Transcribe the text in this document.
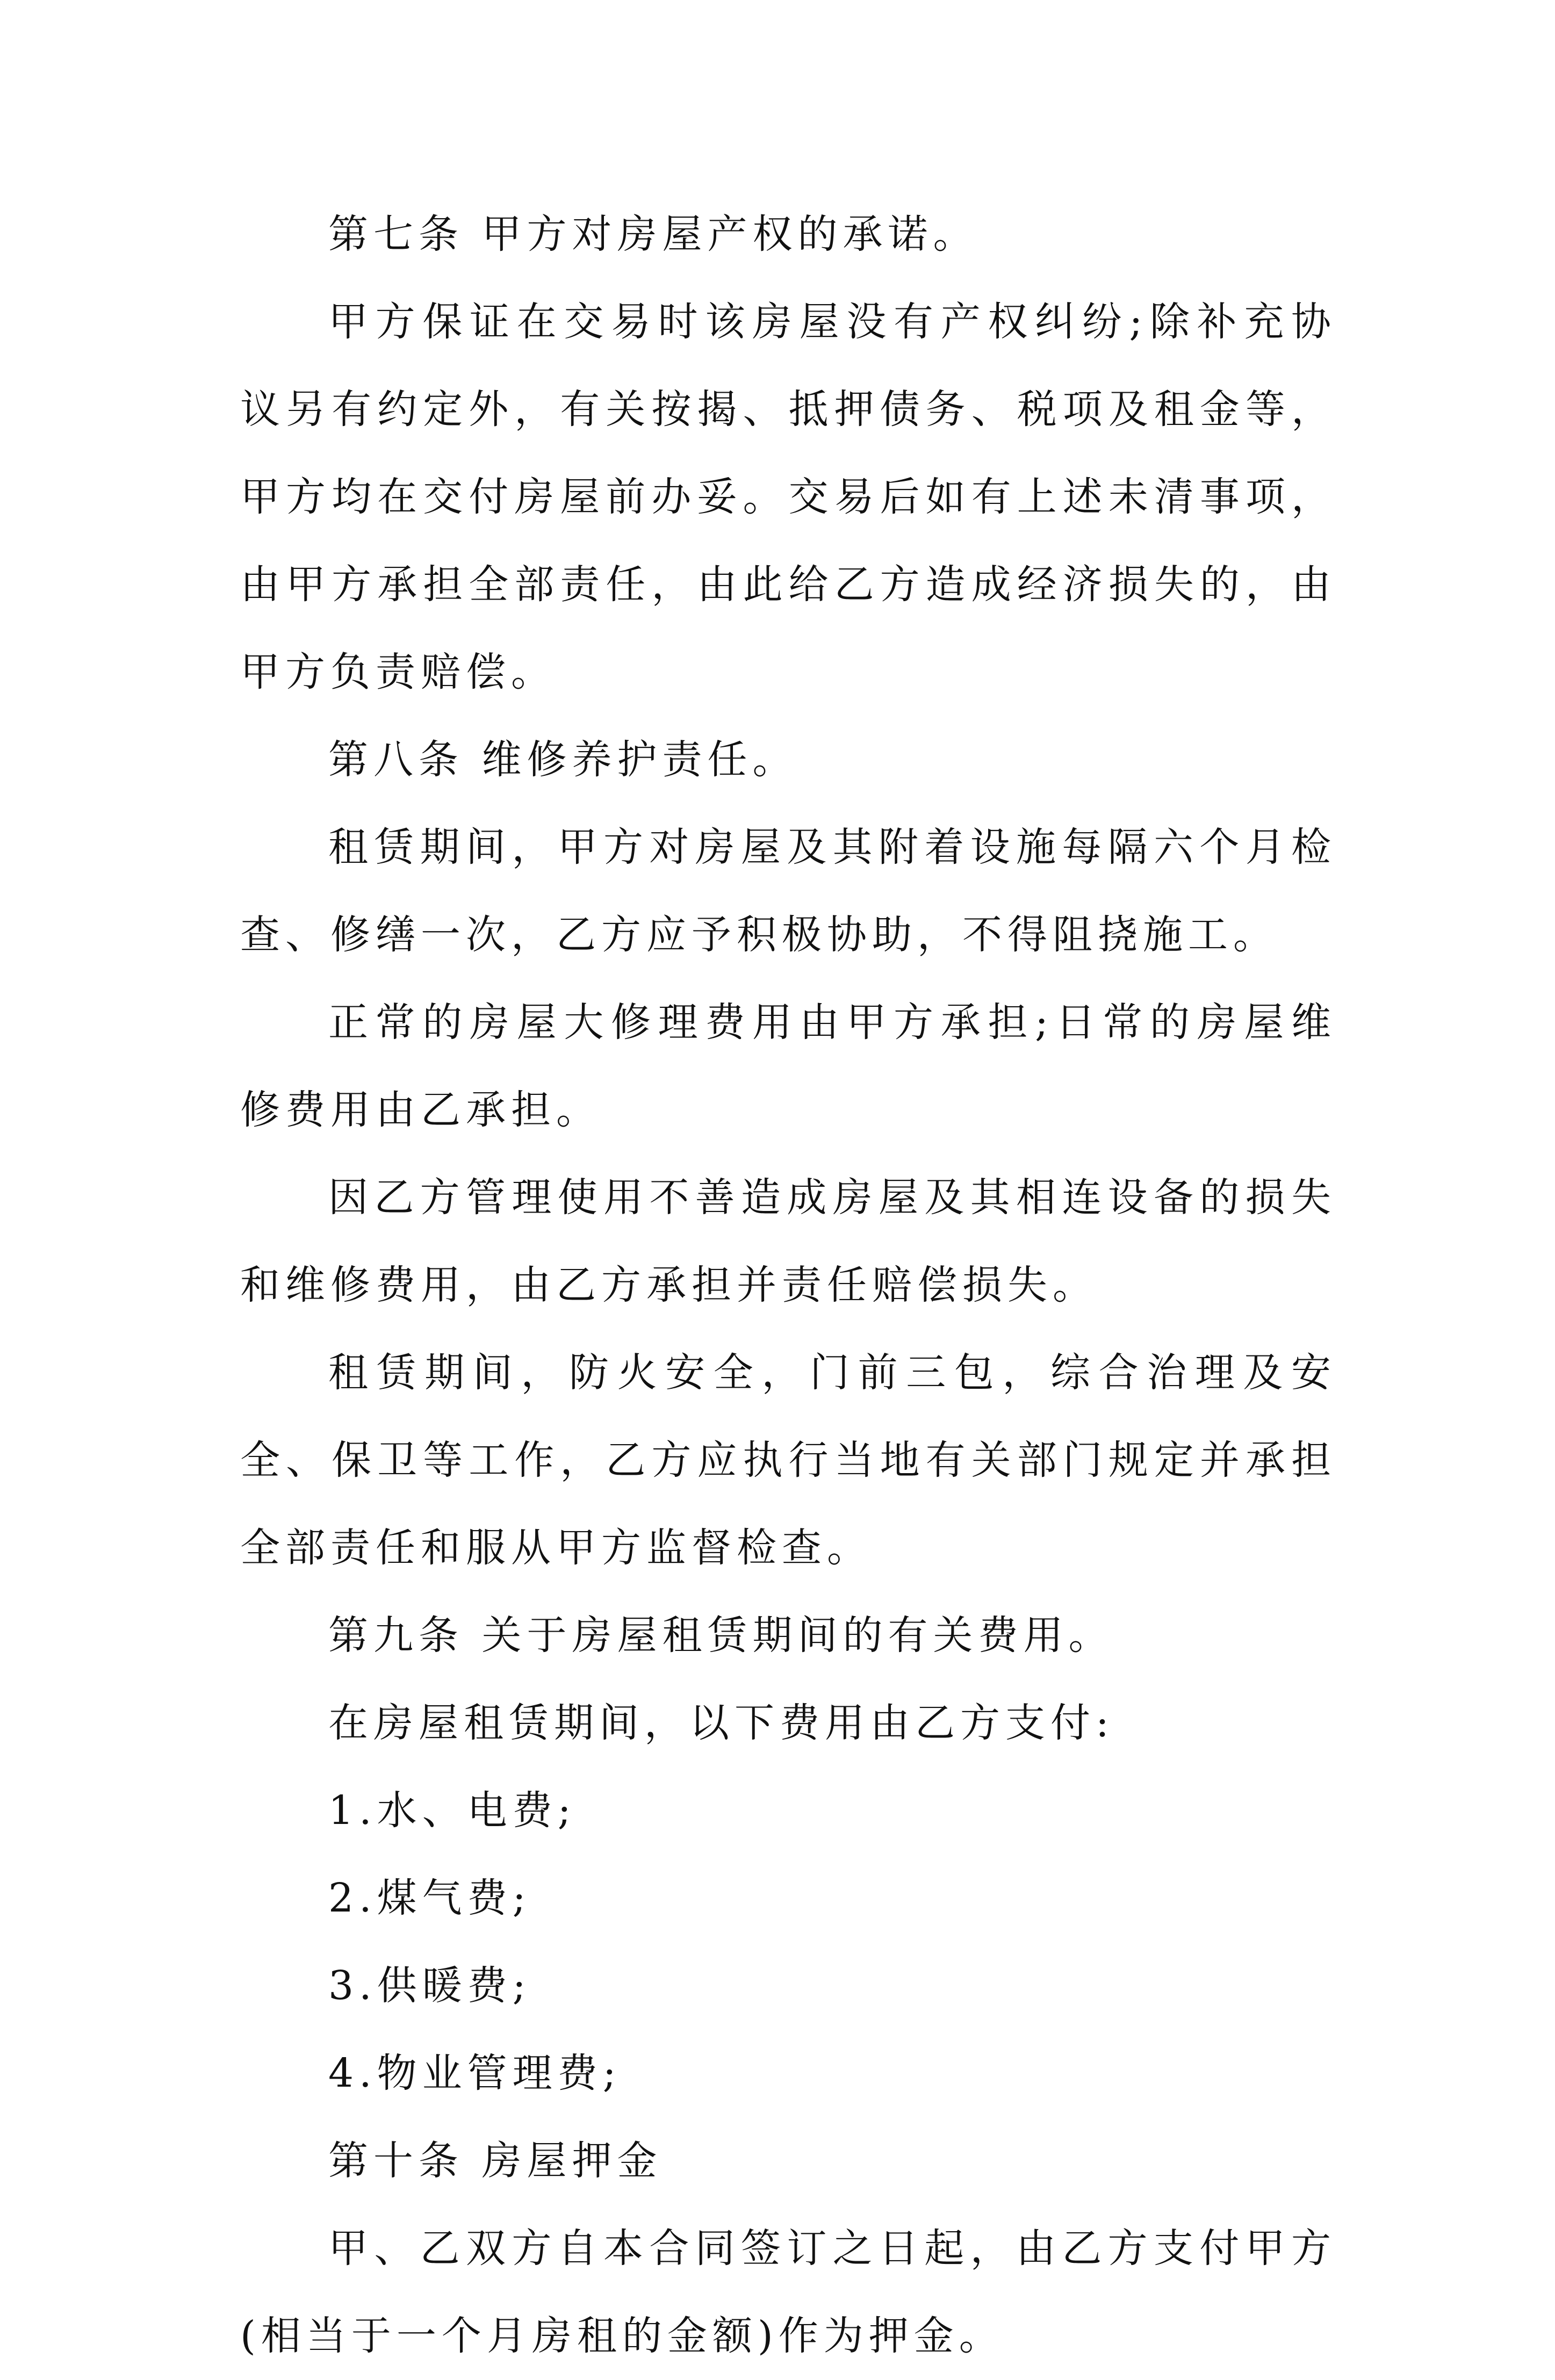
第七条 甲方对房屋产权的承诺。

甲方保证在交易时该房屋没有产权纠纷;除补充协议另有约定外，有关按揭、抵押债务、税项及租金等，甲方均在交付房屋前办妥。交易后如有上述未清事项，由甲方承担全部责任，由此给乙方造成经济损失的，由甲方负责赔偿。

第八条 维修养护责任。

租赁期间，甲方对房屋及其附着设施每隔六个月检查、修缮一次，乙方应予积极协助，不得阻挠施工。

正常的房屋大修理费用由甲方承担;日常的房屋维修费用由乙承担。

因乙方管理使用不善造成房屋及其相连设备的损失和维修费用，由乙方承担并责任赔偿损失。

租赁期间，防火安全，门前三包，综合治理及安全、保卫等工作，乙方应执行当地有关部门规定并承担全部责任和服从甲方监督检查。

第九条 关于房屋租赁期间的有关费用。

在房屋租赁期间，以下费用由乙方支付:

1.水、电费;

2.煤气费;

3.供暖费;

4.物业管理费;

第十条 房屋押金

甲、乙双方自本合同签订之日起，由乙方支付甲方(相当于一个月房租的金额)作为押金。
